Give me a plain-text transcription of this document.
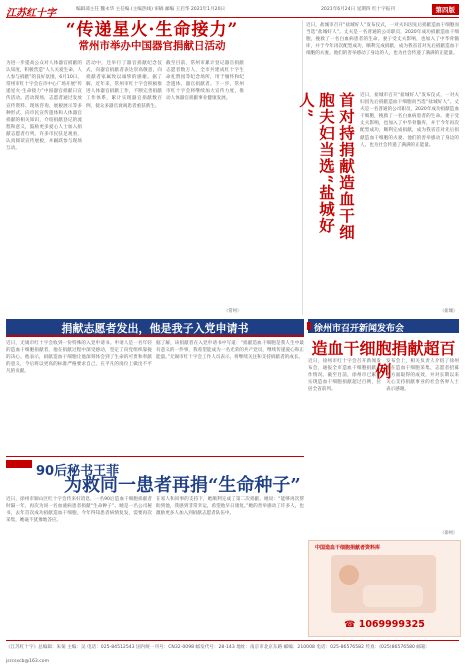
江苏红十字	编辑部主任 魏永华 主任编 (主编热线) 审稿 邮编 王启华 2021年1月20日	2021年6月24日 星期四 红十字报刊	第四版
“传递星火·生命接力”
常州市举办中国器官捐献日活动
为进一步提高公众对人体器官捐献的认知度，积极营造“人人关爱生命、人人参与捐献”的良好氛围，6月10日，常州市红十字会在市中心广场开展“传递星火·生命接力”中国器官捐献日宣传活动。活动现场，志愿者通过发放宣传资料、现场咨询、展板展示等多种形式，向市民宣传遗体和人体器官捐献的相关知识，介绍捐献登记的流程和意义，鼓励更多爱心人士加入捐献志愿者行列。许多市民驻足观看，认真阅读宣传展板，并踊跃参与现场互动。
活动中，还举行了器官捐献纪念仪式，向器官捐献者表达崇高敬意，向捐献者家属致以诚挚的感谢。据了解，近年来，常州市红十字会积极推进人体器官捐献工作，不断完善捐献工作体系，累计实现器官捐献数百例，使众多器官衰竭患者重获新生。
截至目前，常州市累计登记器官捐献志愿者数万人，全市共建成红十字生命礼赞园等纪念场所，用于缅怀和纪念遗体、器官捐献者。下一步，常州市红十字会将继续加大宣传力度，推动人体器官捐献事业健康发展。
（常州）
近日，盐城市召开“盐城好人”发布仪式，一对夫妇因先后捐献造血干细胞而当选“盐城好人”。丈夫是一名普通的公司职员，2020年成功捐献造血干细胞，挽救了一名白血病患者的生命。妻子受丈夫影响，也加入了中华骨髓库，并于今年再次配型成功，顺利完成捐献，成为我省首对先后捐献造血干细胞的夫妻。他们的善举感动了身边的人，也为社会传递了满满的正能量。
首对持捐献造血干细胞夫妇当选“盐城好人”	近日，盐城市召开“盐城好人”发布仪式，一对夫妇因先后捐献造血干细胞而当选“盐城好人”。丈夫是一名普通的公司职员，2020年成功捐献造血干细胞，挽救了一名白血病患者的生命。妻子受丈夫影响，也加入了中华骨髓库，并于今年再次配型成功，顺利完成捐献，成为我省首对先后捐献造血干细胞的夫妻。他们的善举感动了身边的人，也为社会传递了满满的正能量。
（盐城）
捐献志愿者发出，他是我子入党申请书
近日，无锡市红十字会收到一份特殊的入党申请书。申请人是一名年轻的造血干细胞捐献者，他在捐献过程中深受感动，坚定了向党组织靠拢的决心。他表示，捐献造血干细胞让他深刻体会到了生命的可贵和奉献的意义，今后将以更高的标准严格要求自己，在平凡的岗位上做出不平凡的贡献。
据了解，该捐献者在入党申请书中写道：“捐献造血干细胞是我人生中最有意义的一件事，我希望能成为一名光荣的共产党员，继续传递爱心和正能量。”无锡市红十字会工作人员表示，将继续关注和支持捐献者的成长。
徐州市召开新闻发布会
造血干细胞捐献超百例
近日，徐州市红十字会召开新闻发布会，通报全市造血干细胞捐献工作情况。截至目前，徐州市已累计实现造血干细胞捐献超过百例，位居全省前列。
发布会上，相关负责人介绍了徐州市在造血干细胞采集、志愿者招募等方面取得的成效，并对长期以来关心支持捐献事业的社会各界人士表示感谢。
（徐州）
90后秘书王菲
为救同一患者再捐“生命种子”
近日，徐州市铜山区红十字会传来好消息，一名90后造血干细胞捐献者时隔一年，再次为同一名血液病患者捐献“生命种子”。她是一名公司秘书，去年首次成功捐献造血干细胞，今年得知患者病情复发，需要再次采集，她毫不犹豫地答应。
在家人和同事的支持下，她顺利完成了第二次捐献。她说：“能够再次帮助到他，我感到非常幸运，希望他早日康复。”她的善举感动了许多人，也激励更多人加入到捐献志愿者队伍中。
中国造血干细胞捐献者资料库
☎ 1069999325
《江苏红十字》总编辑：朱菊 主编：吴 电话：025-84512543 国内统一刊号：CN32-0098 邮发代号：28-143 地址：南京市北京东路 邮编：210008 电话：025-86576582 传真：(025)86576580 邮箱：jsrcsxcb@163.com
